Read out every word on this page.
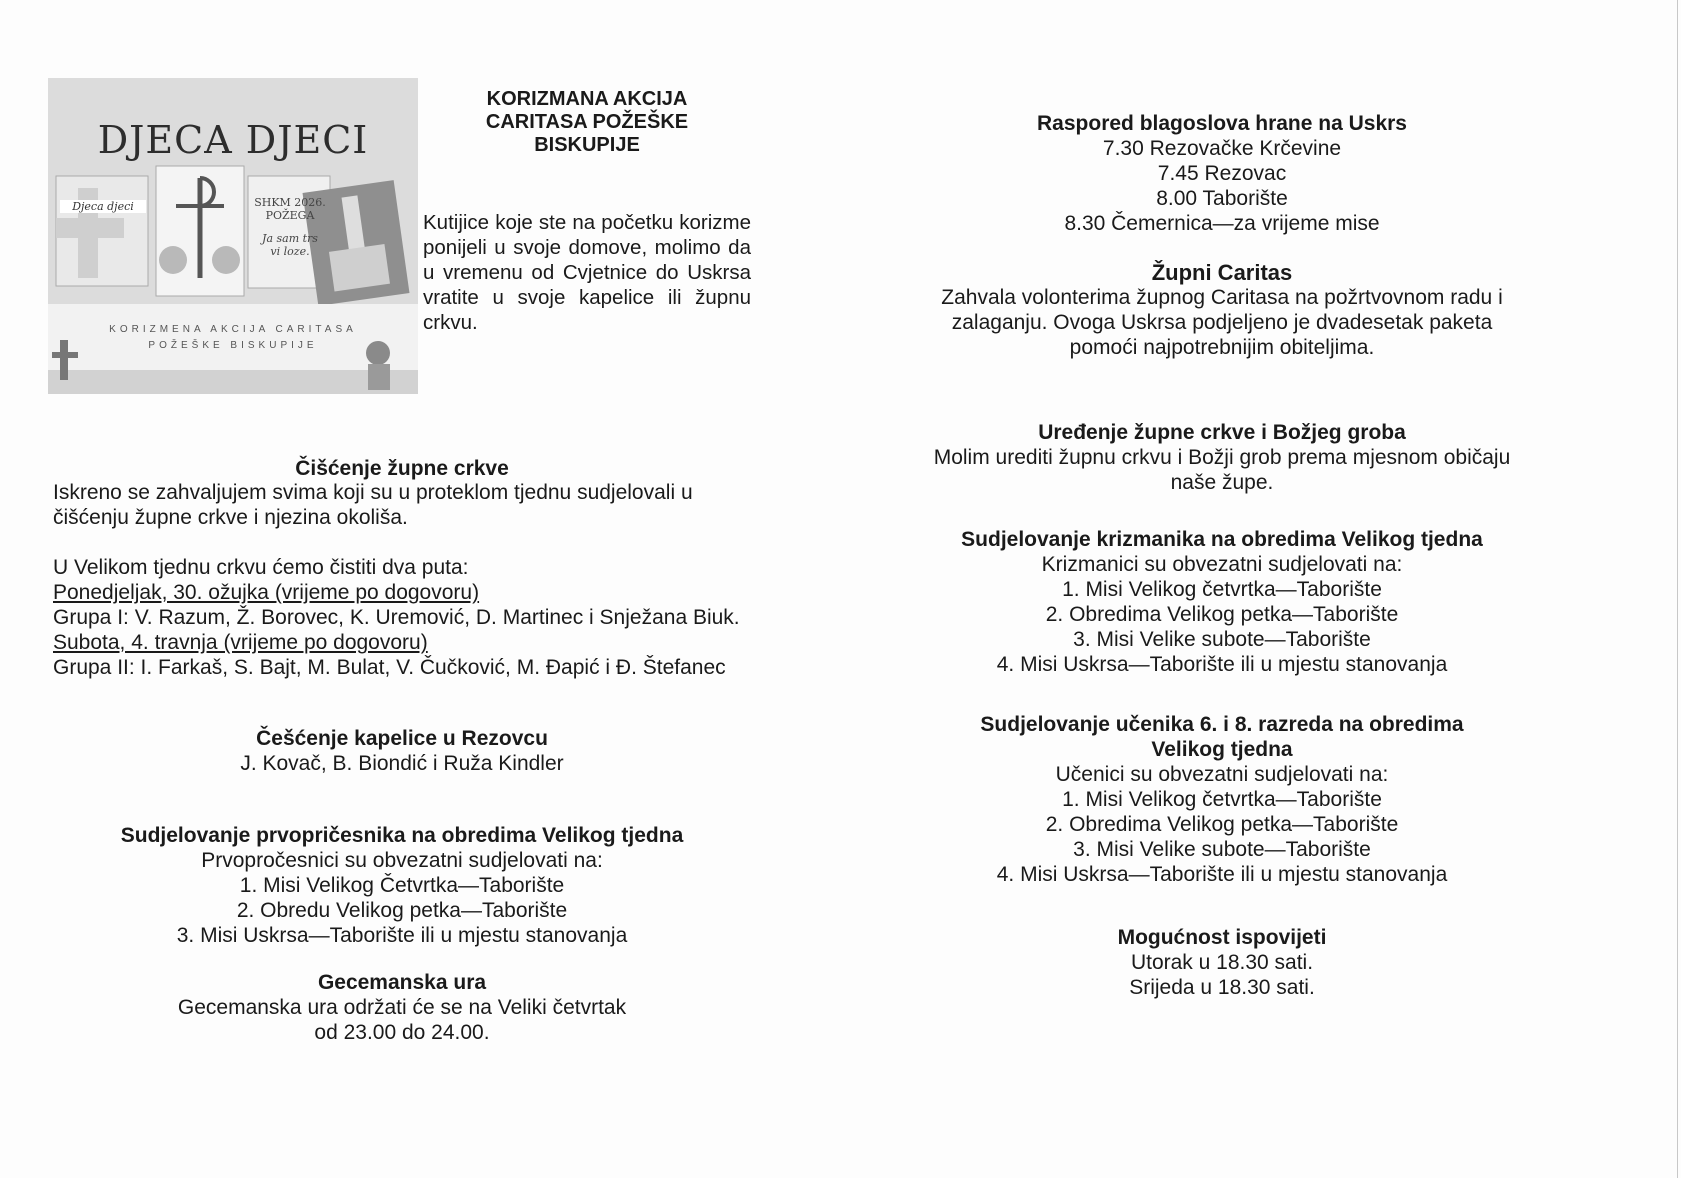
DJECA DJECI
Djeca djeci	SHKM 2026.
POŽEGA
Ja sam trs
vi loze.
KORIZMENA AKCIJA CARITASA
POŽEŠKE BISKUPIJE
KORIZMANA AKCIJA
CARITASA POŽEŠKE
BISKUPIJE
Kutijice koje ste na početku korizme ponijeli u svoje domove, molimo da u vremenu od Cvjetnice do Uskrsa vratite u svoje kapelice ili župnu crkvu.
Čišćenje župne crkve
Iskreno se zahvaljujem svima koji su u proteklom tjednu sudjelovali u čišćenju župne crkve i njezina okoliša.
U Velikom tjednu crkvu ćemo čistiti dva puta:
Ponedjeljak, 30. ožujka (vrijeme po dogovoru)
Grupa I: V. Razum, Ž. Borovec, K. Uremović, D. Martinec i Snježana Biuk.
Subota, 4. travnja (vrijeme po dogovoru)
Grupa II: I. Farkaš, S. Bajt, M. Bulat, V. Čučković, M. Đapić i Đ. Štefanec
Češćenje kapelice u Rezovcu
J. Kovač, B. Biondić i Ruža Kindler
Sudjelovanje prvopričesnika na obredima Velikog tjedna
Prvopročesnici su obvezatni sudjelovati na:
1. Misi Velikog Četvrtka—Taborište
2. Obredu Velikog petka—Taborište
3. Misi Uskrsa—Taborište ili u mjestu stanovanja
Gecemanska ura
Gecemanska ura održati će se na Veliki četvrtak
od 23.00 do 24.00.
Raspored blagoslova hrane na Uskrs
7.30 Rezovačke Krčevine
7.45 Rezovac
8.00 Taborište
8.30 Čemernica—za vrijeme mise
Župni Caritas
Zahvala volonterima župnog Caritasa na požrtvovnom radu i
zalaganju. Ovoga Uskrsa podjeljeno je dvadesetak paketa
pomoći najpotrebnijim obiteljima.
Uređenje župne crkve i Božjeg groba
Molim urediti župnu crkvu i Božji grob prema mjesnom običaju
naše župe.
Sudjelovanje krizmanika na obredima Velikog tjedna
Krizmanici su obvezatni sudjelovati na:
1. Misi Velikog četvrtka—Taborište
2. Obredima Velikog petka—Taborište
3. Misi Velike subote—Taborište
4. Misi Uskrsa—Taborište ili u mjestu stanovanja
Sudjelovanje učenika 6. i 8. razreda na obredima
Velikog tjedna
Učenici su obvezatni sudjelovati na:
1. Misi Velikog četvrtka—Taborište
2. Obredima Velikog petka—Taborište
3. Misi Velike subote—Taborište
4. Misi Uskrsa—Taborište ili u mjestu stanovanja
Mogućnost ispovijeti
Utorak u 18.30 sati.
Srijeda u 18.30 sati.
